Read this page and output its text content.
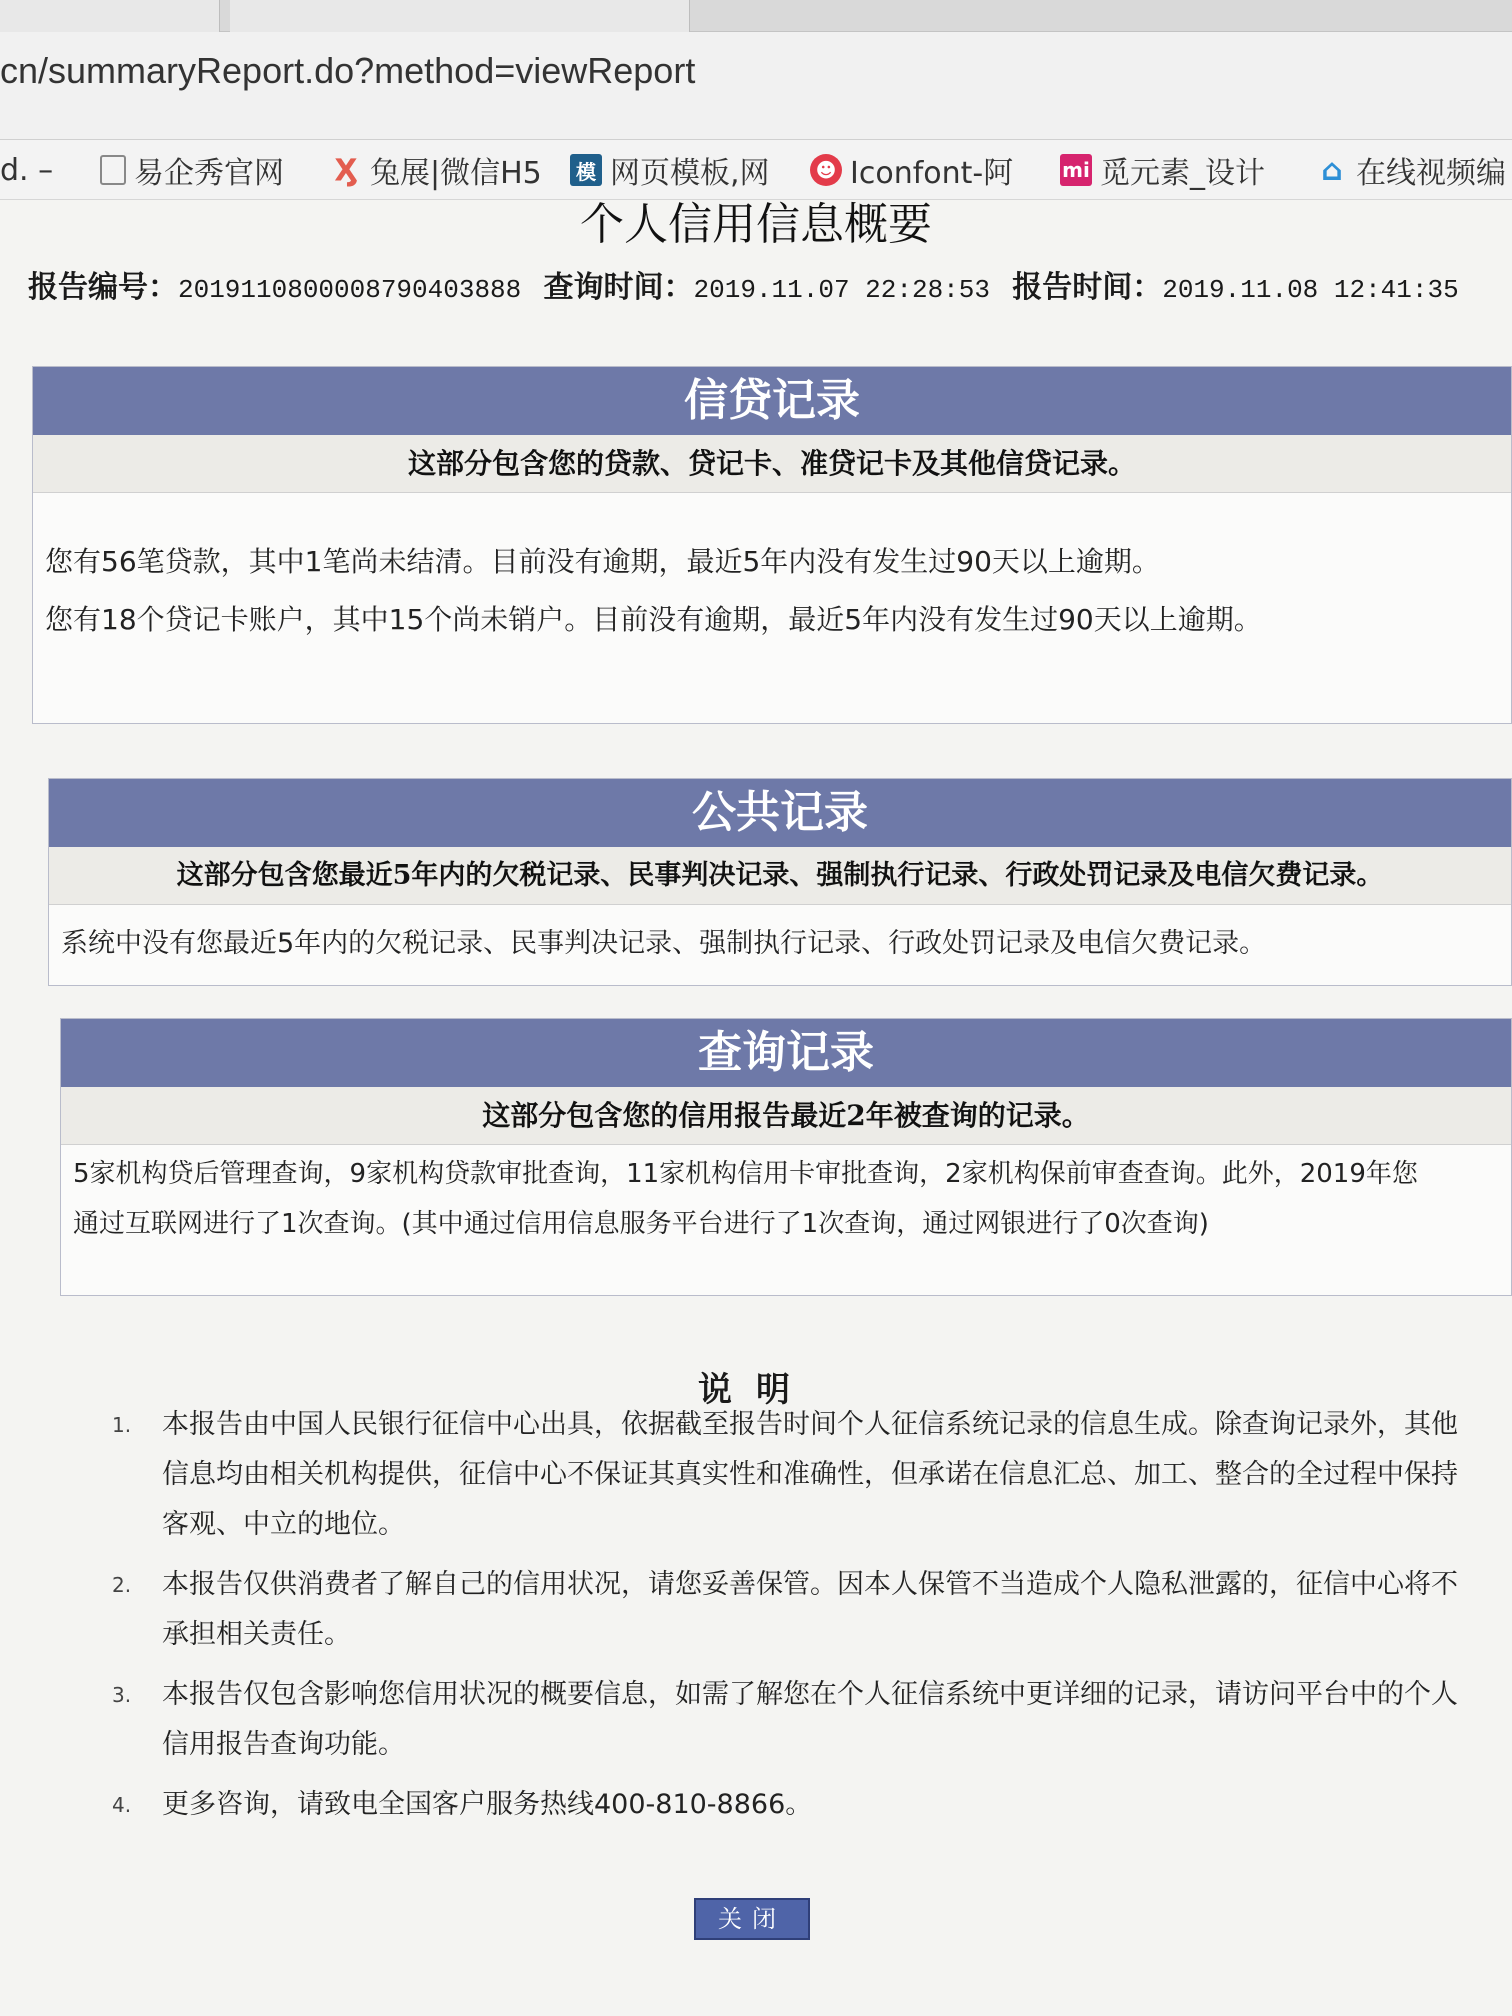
cn/summaryReport.do?method=viewReport
d. –	易企秀官网 Ӽ 兔展|微信H5	模 网页模板,网 ☻ Iconfont-阿 mi 觅元素_设计 ⌂ 在线视频编
个人信用信息概要
报告编号：2019110800008790403888 查询时间：2019.11.07 22:28:53 报告时间：2019.11.08 12:41:35
信贷记录
这部分包含您的贷款、贷记卡、准贷记卡及其他信贷记录。

您有56笔贷款，其中1笔尚未结清。目前没有逾期，最近5年内没有发生过90天以上逾期。

您有18个贷记卡账户，其中15个尚未销户。目前没有逾期，最近5年内没有发生过90天以上逾期。

公共记录
这部分包含您最近5年内的欠税记录、民事判决记录、强制执行记录、行政处罚记录及电信欠费记录。

系统中没有您最近5年内的欠税记录、民事判决记录、强制执行记录、行政处罚记录及电信欠费记录。

查询记录
这部分包含您的信用报告最近2年被查询的记录。

5家机构贷后管理查询，9家机构贷款审批查询，11家机构信用卡审批查询，2家机构保前审查查询。此外，2019年您

通过互联网进行了1次查询。(其中通过信用信息服务平台进行了1次查询，通过网银进行了0次查询)

说明
1.	本报告由中国人民银行征信中心出具，依据截至报告时间个人征信系统记录的信息生成。除查询记录外，其他信息均由相关机构提供，征信中心不保证其真实性和准确性，但承诺在信息汇总、加工、整合的全过程中保持客观、中立的地位。
2.	本报告仅供消费者了解自己的信用状况，请您妥善保管。因本人保管不当造成个人隐私泄露的，征信中心将不承担相关责任。
3.	本报告仅包含影响您信用状况的概要信息，如需了解您在个人征信系统中更详细的记录，请访问平台中的个人信用报告查询功能。
4.	更多咨询，请致电全国客户服务热线400-810-8866。
关闭
